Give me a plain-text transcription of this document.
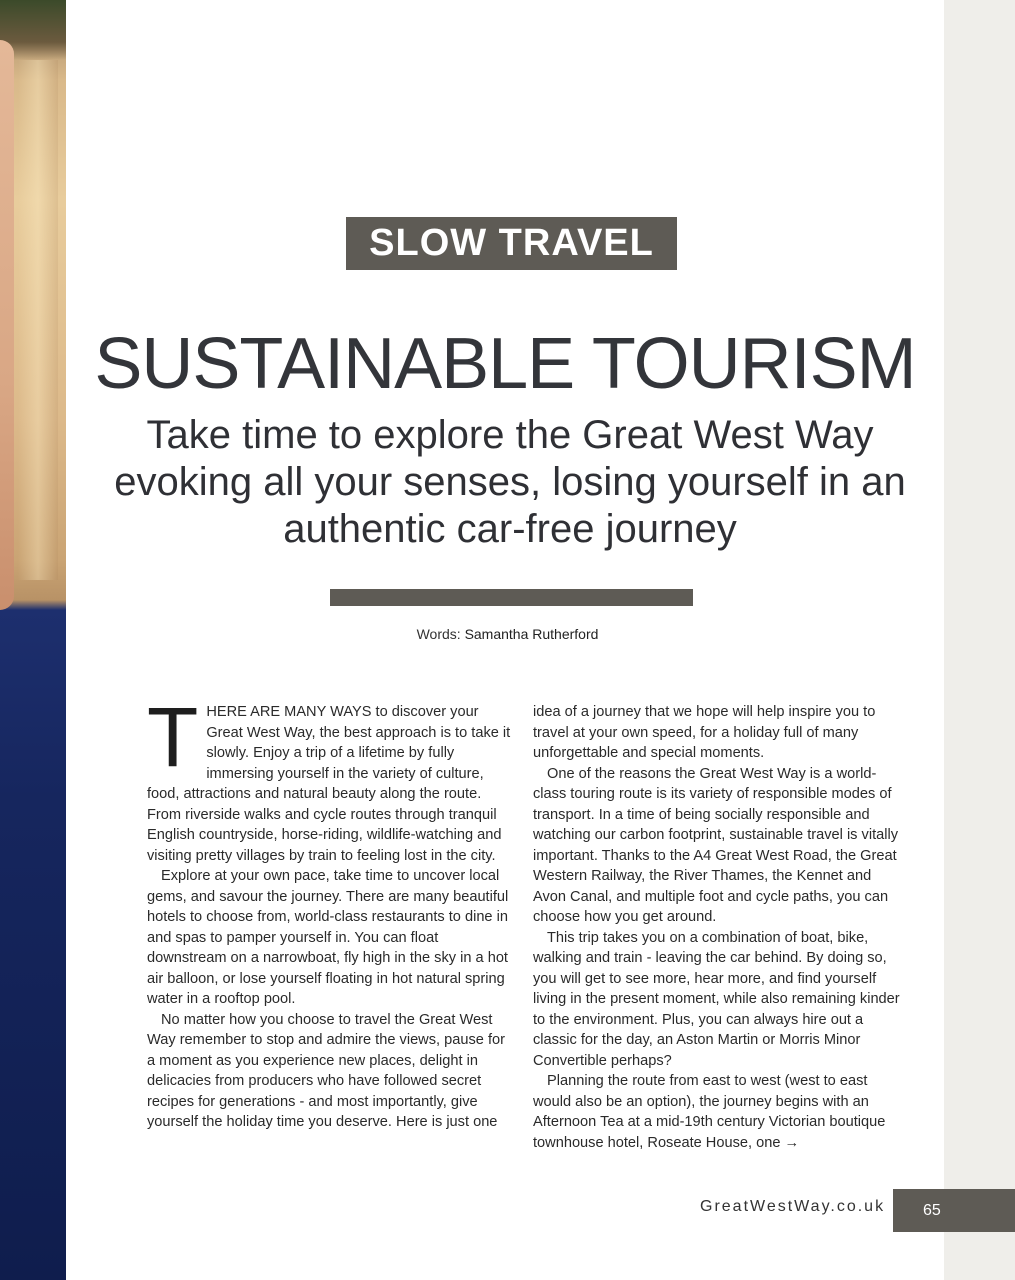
SLOW TRAVEL
SUSTAINABLE TOURISM
Take time to explore the Great West Way evoking all your senses, losing yourself in an authentic car-free journey
Words: Samantha Rutherford

THERE ARE MANY WAYS to discover your Great West Way, the best approach is to take it slowly. Enjoy a trip of a lifetime by fully immersing yourself in the variety of culture, food, attractions and natural beauty along the route. From riverside walks and cycle routes through tranquil English countryside, horse-riding, wildlife-watching and visiting pretty villages by train to feeling lost in the city.

Explore at your own pace, take time to uncover local gems, and savour the journey. There are many beautiful hotels to choose from, world-class restaurants to dine in and spas to pamper yourself in. You can float downstream on a narrowboat, fly high in the sky in a hot air balloon, or lose yourself floating in hot natural spring water in a rooftop pool.

No matter how you choose to travel the Great West Way remember to stop and admire the views, pause for a moment as you experience new places, delight in delicacies from producers who have followed secret recipes for generations - and most importantly, give yourself the holiday time you deserve. Here is just one

idea of a journey that we hope will help inspire you to travel at your own speed, for a holiday full of many unforgettable and special moments.

One of the reasons the Great West Way is a world-class touring route is its variety of responsible modes of transport. In a time of being socially responsible and watching our carbon footprint, sustainable travel is vitally important. Thanks to the A4 Great West Road, the Great Western Railway, the River Thames, the Kennet and Avon Canal, and multiple foot and cycle paths, you can choose how you get around.

This trip takes you on a combination of boat, bike, walking and train - leaving the car behind. By doing so, you will get to see more, hear more, and find yourself living in the present moment, while also remaining kinder to the environment. Plus, you can always hire out a classic for the day, an Aston Martin or Morris Minor Convertible perhaps?

Planning the route from east to west (west to east would also be an option), the journey begins with an Afternoon Tea at a mid-19th century Victorian boutique townhouse hotel, Roseate House, one →

GreatWestWay.co.uk	65
